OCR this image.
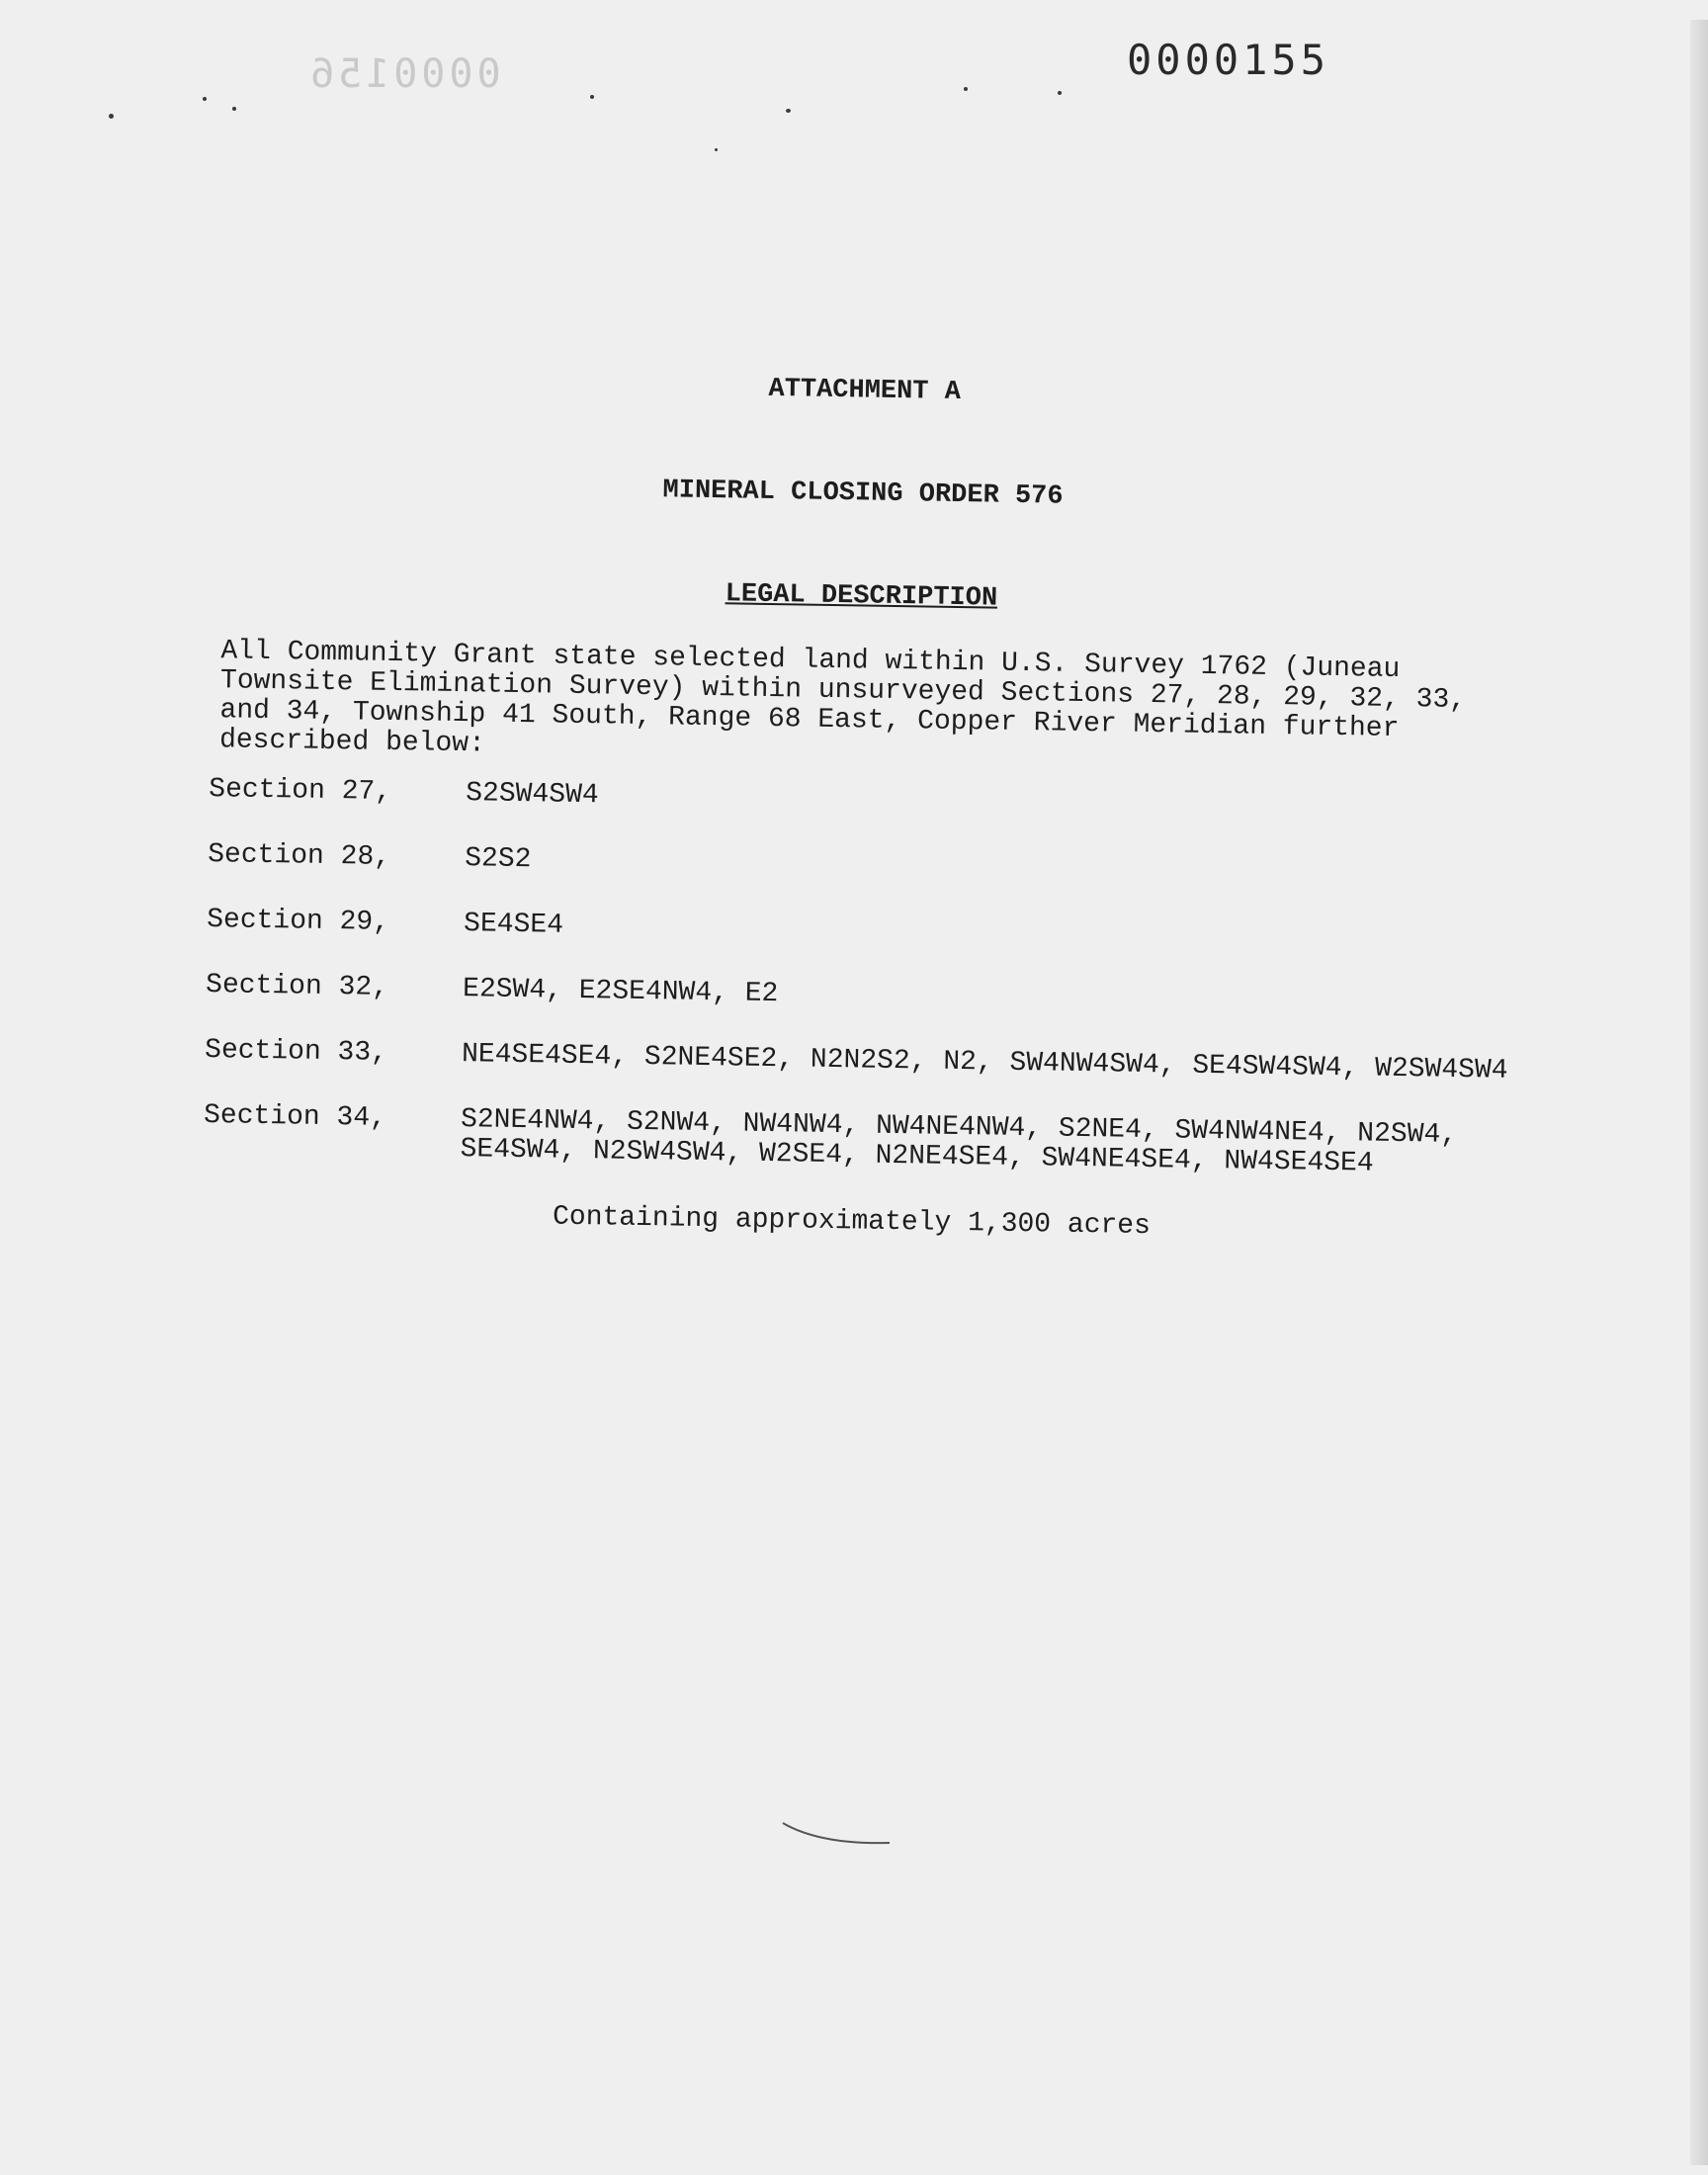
0000156	0000155
ATTACHMENT A
MINERAL CLOSING ORDER 576
LEGAL DESCRIPTION
All Community Grant state selected land within U.S. Survey 1762 (Juneau Townsite Elimination Survey) within unsurveyed Sections 27, 28, 29, 32, 33, and 34, Township 41 South, Range 68 East, Copper River Meridian further described below:
Section 27,	S2SW4SW4
Section 28,	S2S2
Section 29,	SE4SE4
Section 32,	E2SW4, E2SE4NW4, E2
Section 33,	NE4SE4SE4, S2NE4SE2, N2N2S2, N2, SW4NW4SW4, SE4SW4SW4, W2SW4SW4
Section 34,	S2NE4NW4, S2NW4, NW4NW4, NW4NE4NW4, S2NE4, SW4NW4NE4, N2SW4, SE4SW4, N2SW4SW4, W2SE4, N2NE4SE4, SW4NE4SE4, NW4SE4SE4
Containing approximately 1,300 acres
